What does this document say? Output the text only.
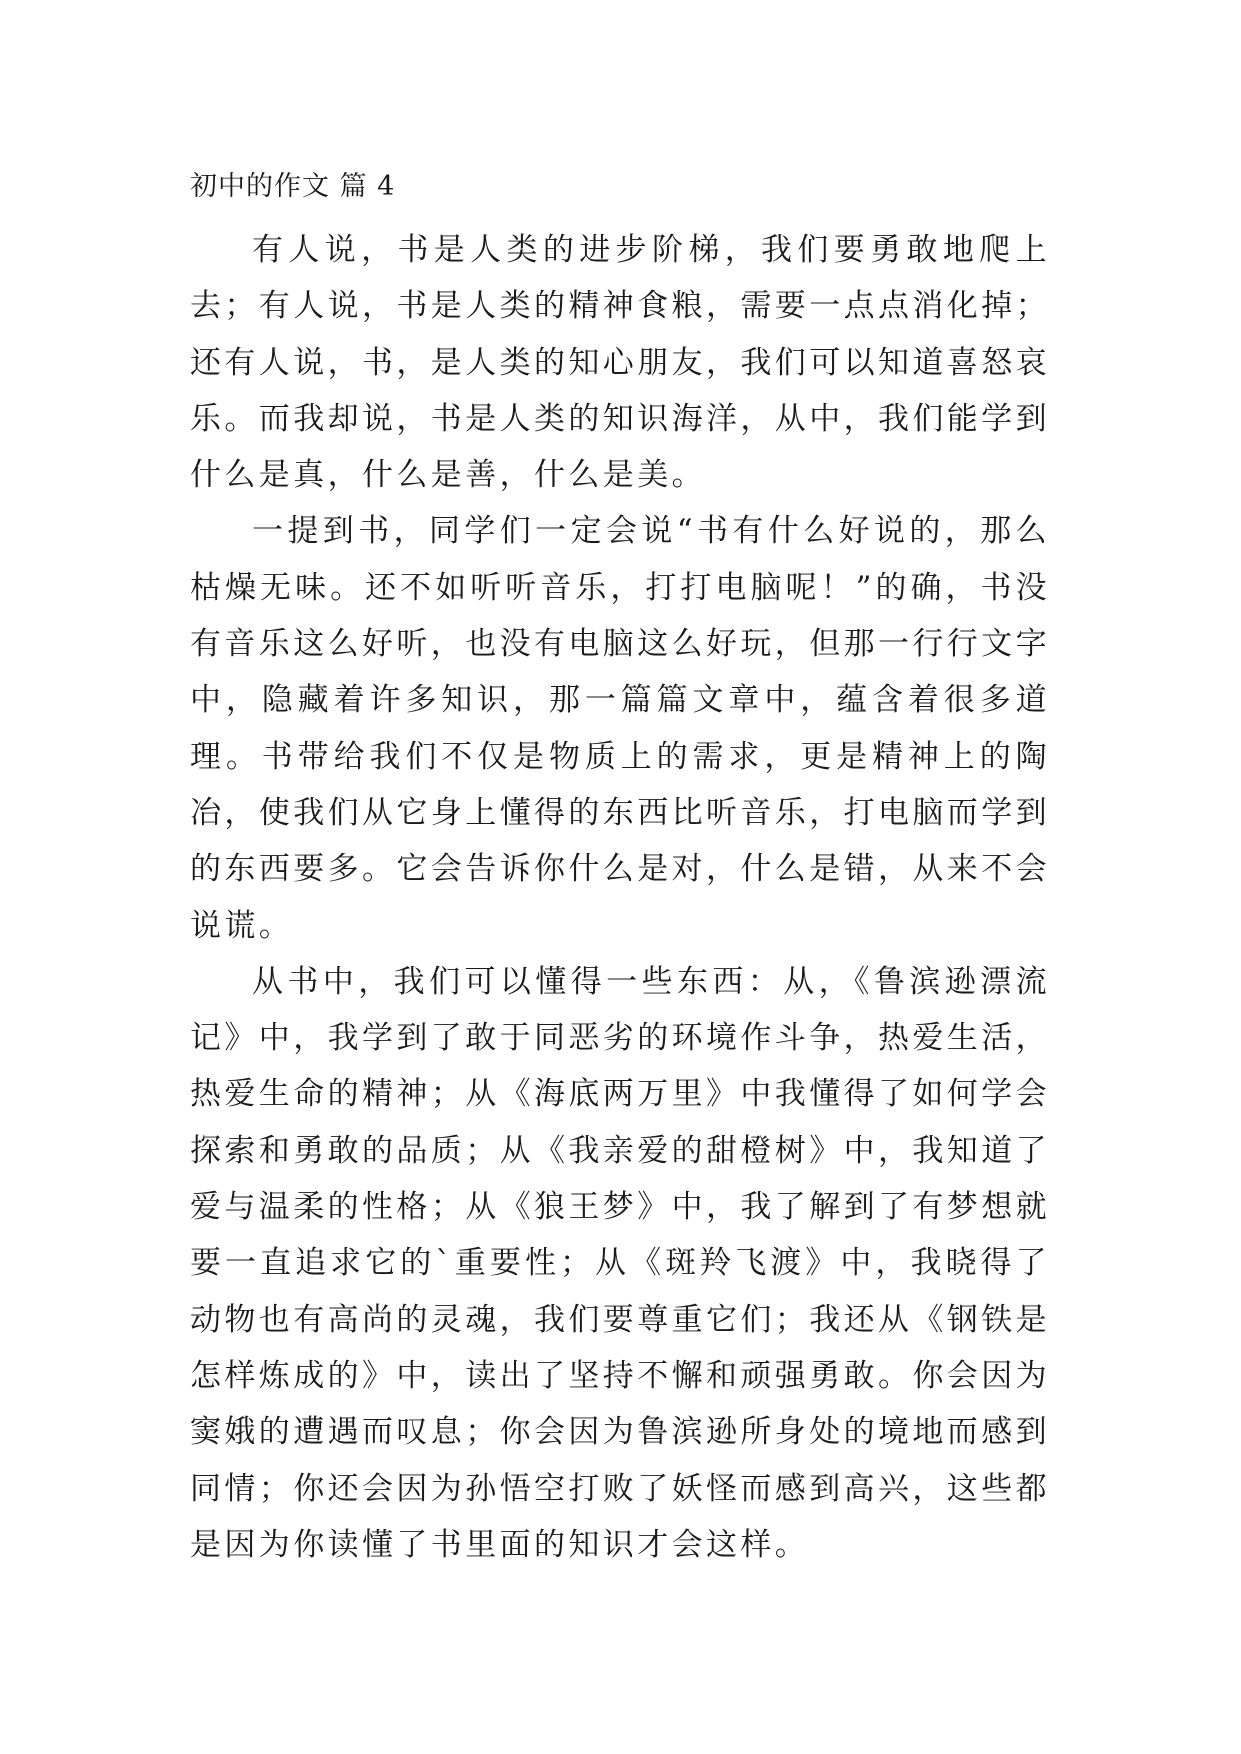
初中的作文 篇 4

有人说，书是人类的进步阶梯，我们要勇敢地爬上去；有人说，书是人类的精神食粮，需要一点点消化掉；还有人说，书，是人类的知心朋友，我们可以知道喜怒哀乐。而我却说，书是人类的知识海洋，从中，我们能学到什么是真，什么是善，什么是美。

一提到书，同学们一定会说“书有什么好说的，那么枯燥无味。还不如听听音乐，打打电脑呢！”的确，书没有音乐这么好听，也没有电脑这么好玩，但那一行行文字中，隐藏着许多知识，那一篇篇文章中，蕴含着很多道理。书带给我们不仅是物质上的需求，更是精神上的陶冶，使我们从它身上懂得的东西比听音乐，打电脑而学到的东西要多。它会告诉你什么是对，什么是错，从来不会说谎。

从书中，我们可以懂得一些东西：从，《鲁滨逊漂流记》中，我学到了敢于同恶劣的环境作斗争，热爱生活，热爱生命的精神；从《海底两万里》中我懂得了如何学会探索和勇敢的品质；从《我亲爱的甜橙树》中，我知道了爱与温柔的性格；从《狼王梦》中，我了解到了有梦想就要一直追求它的`重要性；从《斑羚飞渡》中，我晓得了动物也有高尚的灵魂，我们要尊重它们；我还从《钢铁是怎样炼成的》中，读出了坚持不懈和顽强勇敢。你会因为窦娥的遭遇而叹息；你会因为鲁滨逊所身处的境地而感到同情；你还会因为孙悟空打败了妖怪而感到高兴，这些都是因为你读懂了书里面的知识才会这样。
